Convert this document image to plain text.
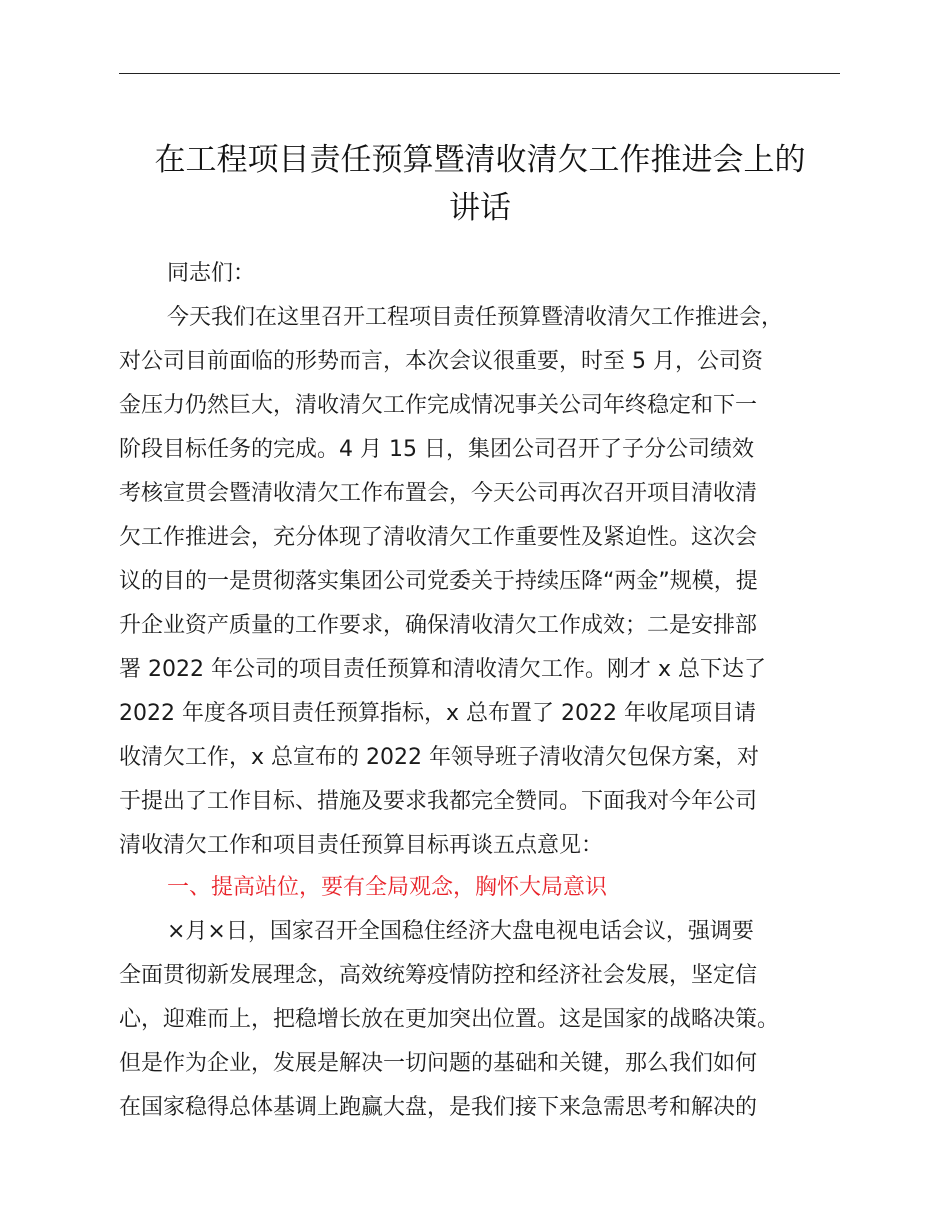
在工程项目责任预算暨清收清欠工作推进会上的
讲话
同志们：
今天我们在这里召开工程项目责任预算暨清收清欠工作推进会，
对公司目前面临的形势而言，本次会议很重要，时至 5 月，公司资
金压力仍然巨大，清收清欠工作完成情况事关公司年终稳定和下一
阶段目标任务的完成。4 月 15 日，集团公司召开了子分公司绩效
考核宣贯会暨清收清欠工作布置会，今天公司再次召开项目清收清
欠工作推进会，充分体现了清收清欠工作重要性及紧迫性。这次会
议的目的一是贯彻落实集团公司党委关于持续压降“两金”规模，提
升企业资产质量的工作要求，确保清收清欠工作成效；二是安排部
署 2022 年公司的项目责任预算和清收清欠工作。刚才 x 总下达了
2022 年度各项目责任预算指标，x 总布置了 2022 年收尾项目请
收清欠工作，x 总宣布的 2022 年领导班子清收清欠包保方案，对
于提出了工作目标、措施及要求我都完全赞同。下面我对今年公司
清收清欠工作和项目责任预算目标再谈五点意见：
一、提高站位，要有全局观念，胸怀大局意识
×月×日，国家召开全国稳住经济大盘电视电话会议，强调要
全面贯彻新发展理念，高效统筹疫情防控和经济社会发展，坚定信
心，迎难而上，把稳增长放在更加突出位置。这是国家的战略决策。
但是作为企业，发展是解决一切问题的基础和关键，那么我们如何
在国家稳得总体基调上跑赢大盘，是我们接下来急需思考和解决的
